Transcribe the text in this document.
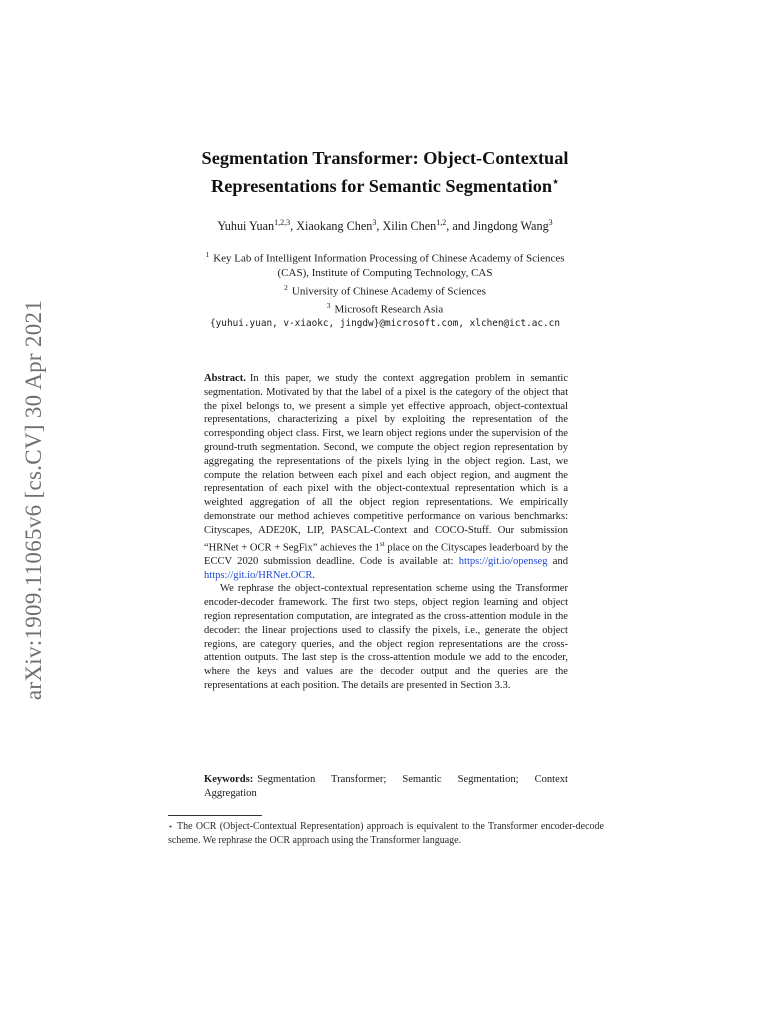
arXiv:1909.11065v6 [cs.CV] 30 Apr 2021
Segmentation Transformer: Object-Contextual
Representations for Semantic Segmentation⋆
Yuhui Yuan$^{1,2,3}$, Xiaokang Chen$^3$, Xilin Chen$^{1,2}$, and Jingdong Wang$^3$
$^1$ Key Lab of Intelligent Information Processing of Chinese Academy of Sciences
(CAS), Institute of Computing Technology, CAS
$^2$ University of Chinese Academy of Sciences
$^3$ Microsoft Research Asia
{yuhui.yuan, v-xiaokc, jingdw}@microsoft.com, xlchen@ict.ac.cn

Abstract. In this paper, we study the context aggregation problem in semantic segmentation. Motivated by that the label of a pixel is the category of the object that the pixel belongs to, we present a simple yet effective approach, object-contextual representations, characterizing a pixel by exploiting the representation of the corresponding object class. First, we learn object regions under the supervision of the ground-truth segmentation. Second, we compute the object region representation by aggregating the representations of the pixels lying in the object region. Last, we compute the relation between each pixel and each object region, and augment the representation of each pixel with the object-contextual representation which is a weighted aggregation of all the object region representations. We empirically demonstrate our method achieves competitive performance on various benchmarks: Cityscapes, ADE20K, LIP, PASCAL-Context and COCO-Stuff. Our submission “HRNet + OCR + SegFix” achieves the 1st place on the Cityscapes leaderboard by the ECCV 2020 submission deadline. Code is available at: https://git.io/openseg and https://git.io/HRNet.OCR.

We rephrase the object-contextual representation scheme using the Transformer encoder-decoder framework. The first two steps, object region learning and object region representation computation, are integrated as the cross-attention module in the decoder: the linear projections used to classify the pixels, i.e., generate the object regions, are category queries, and the object region representations are the cross-attention outputs. The last step is the cross-attention module we add to the encoder, where the keys and values are the decoder output and the queries are the representations at each position. The details are presented in Section 3.3.

Keywords: Segmentation Transformer; Semantic Segmentation; Context Aggregation
⋆ The OCR (Object-Contextual Representation) approach is equivalent to the Transformer encoder-decode scheme. We rephrase the OCR approach using the Transformer language.
